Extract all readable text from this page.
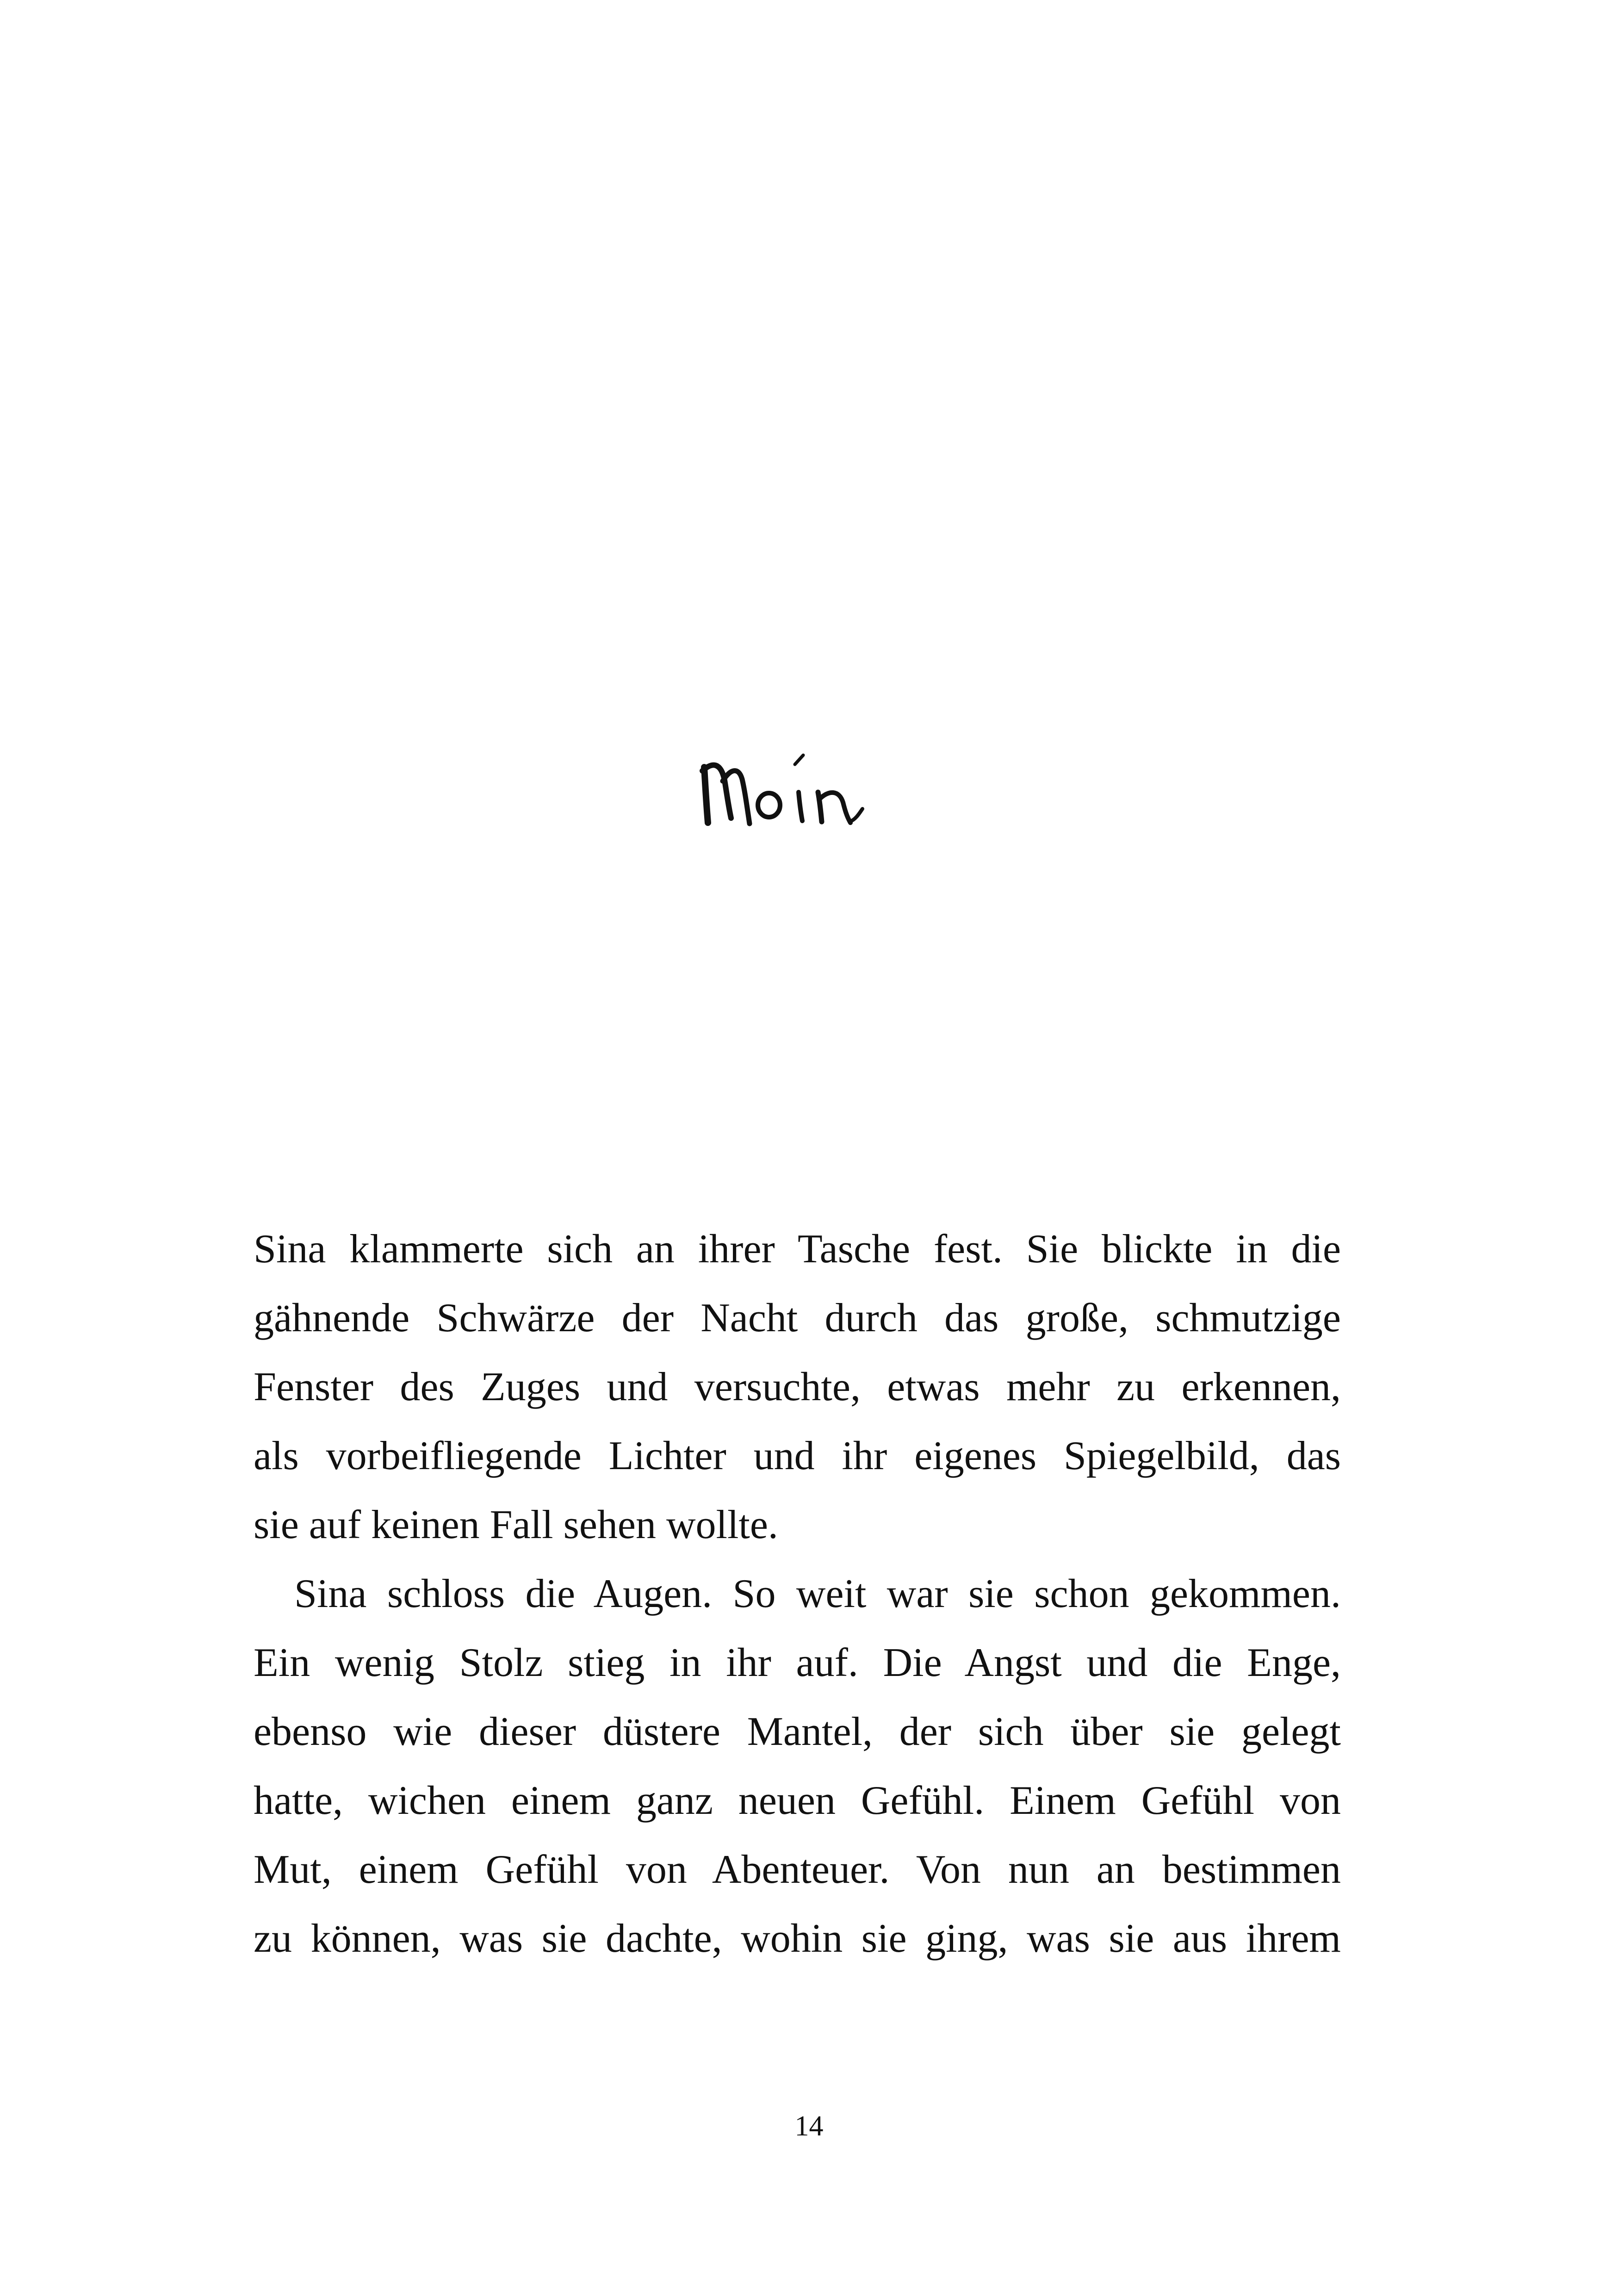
Sina klammerte sich an ihrer Tasche fest. Sie blickte in die
gähnende Schwärze der Nacht durch das große, schmutzige
Fenster des Zuges und versuchte, etwas mehr zu erkennen,
als vorbeifliegende Lichter und ihr eigenes Spiegelbild, das
sie auf keinen Fall sehen wollte.
Sina schloss die Augen. So weit war sie schon gekommen.
Ein wenig Stolz stieg in ihr auf. Die Angst und die Enge,
ebenso wie dieser düstere Mantel, der sich über sie gelegt
hatte, wichen einem ganz neuen Gefühl. Einem Gefühl von
Mut, einem Gefühl von Abenteuer. Von nun an bestimmen
zu können, was sie dachte, wohin sie ging, was sie aus ihrem
14
